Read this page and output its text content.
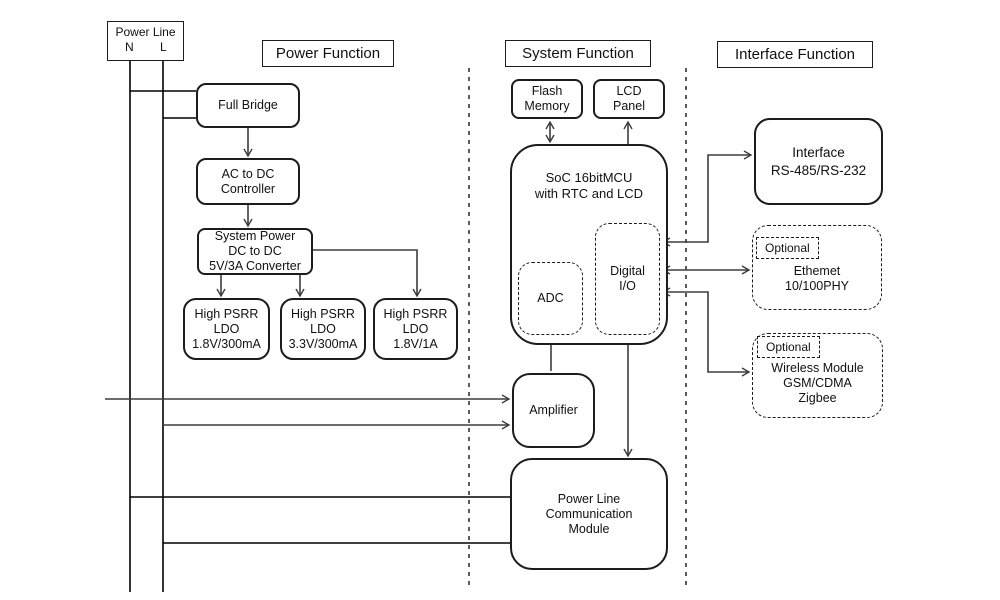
Power Line
N L	Power Function	System Function	Interface Function
Full Bridge
AC to DC
Controller
System Power
DC to DC
5V/3A Converter
High PSRR
LDO
1.8V/300mA
High PSRR
LDO
3.3V/300mA
High PSRR
LDO
1.8V/1A
Flash
Memory
LCD
Panel
SoC 16bitMCU
with RTC and LCD
ADC
Digital
I/O
Amplifier
Power Line
Communication
Module
Interface
RS-485/RS-232
Optional
Ethemet
10/100PHY
Optional
Wireless Module
GSM/CDMA
Zigbee
